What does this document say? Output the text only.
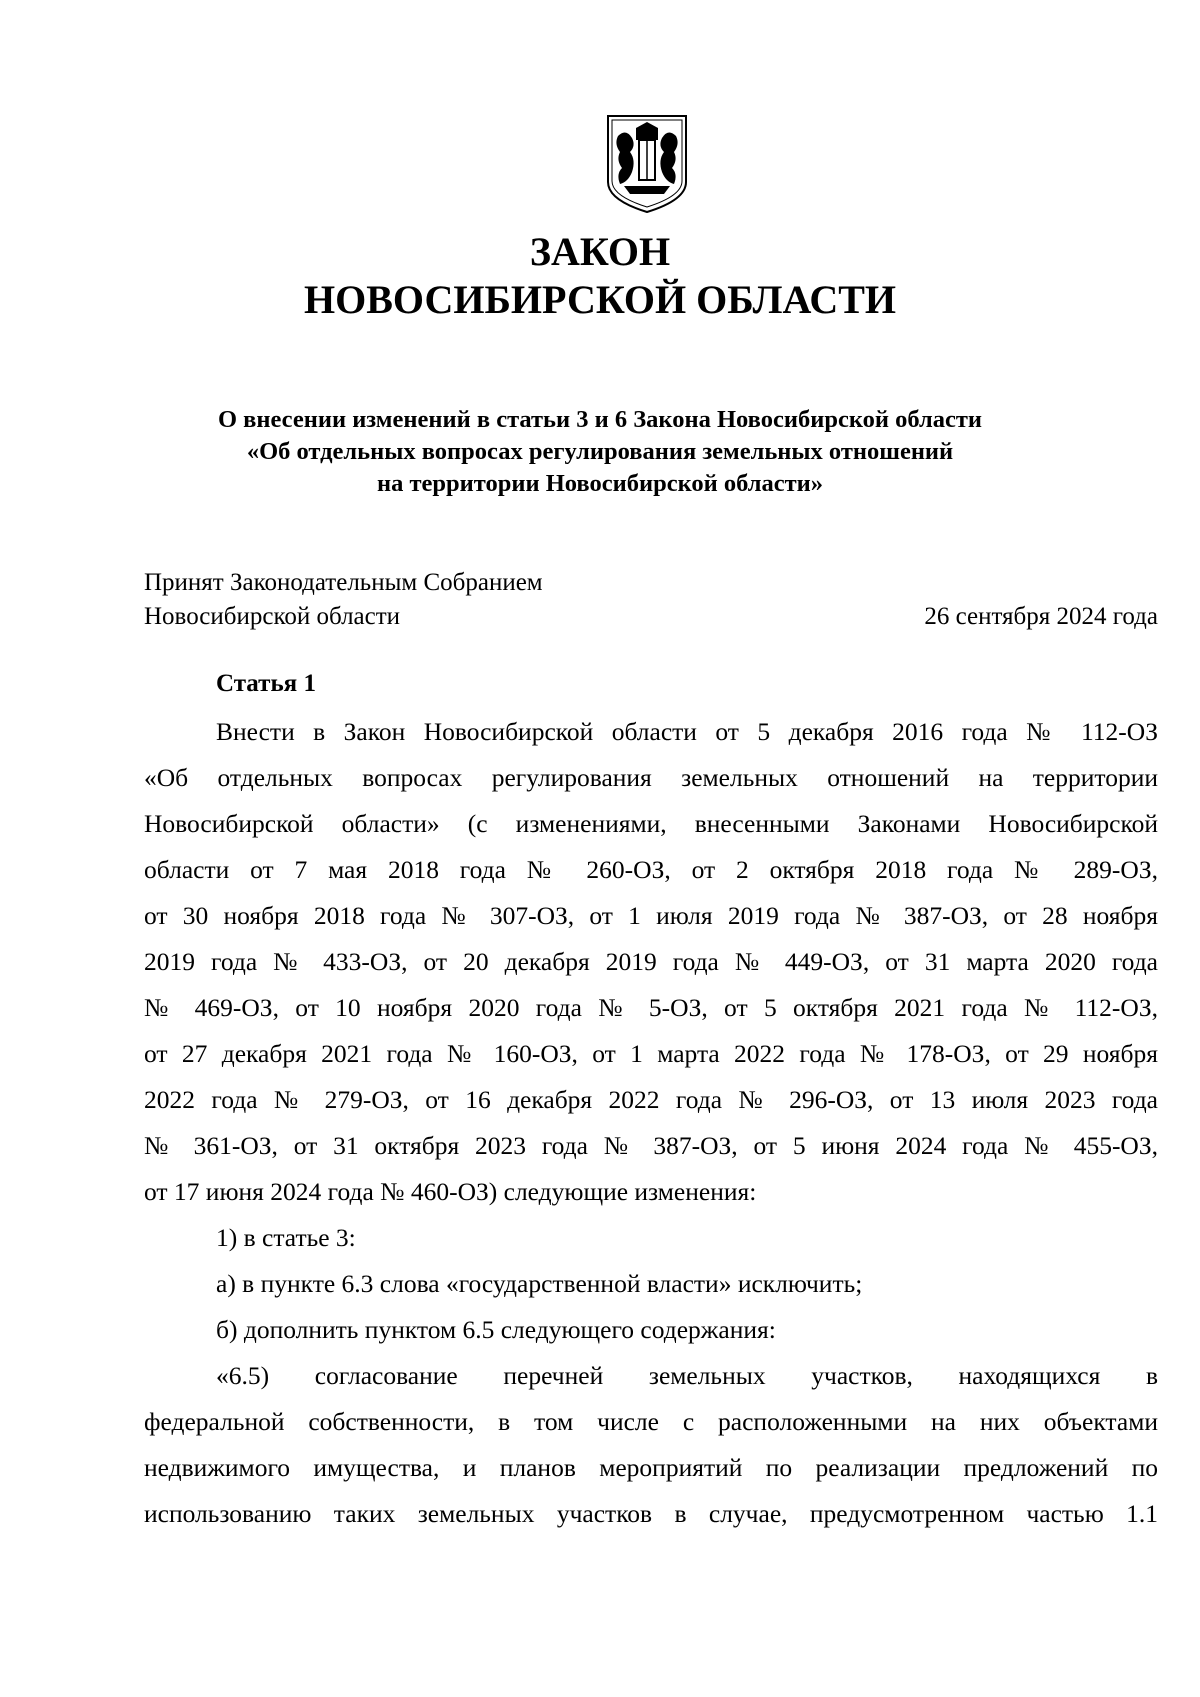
ЗАКОН
НОВОСИБИРСКОЙ ОБЛАСТИ
О внесении изменений в статьи 3 и 6 Закона Новосибирской области
«Об отдельных вопросах регулирования земельных отношений
на территории Новосибирской области»
Принят Законодательным Собранием
Новосибирской области	26 сентября 2024 года
Статья 1
Внести в Закон Новосибирской области от 5 декабря 2016 года № 112-ОЗ
«Об отдельных вопросах регулирования земельных отношений на территории
Новосибирской области» (с изменениями, внесенными Законами Новосибирской
области от 7 мая 2018 года № 260-ОЗ, от 2 октября 2018 года № 289-ОЗ,
от 30 ноября 2018 года № 307-ОЗ, от 1 июля 2019 года № 387-ОЗ, от 28 ноября
2019 года № 433-ОЗ, от 20 декабря 2019 года № 449-ОЗ, от 31 марта 2020 года
№ 469-ОЗ, от 10 ноября 2020 года № 5-ОЗ, от 5 октября 2021 года № 112-ОЗ,
от 27 декабря 2021 года № 160-ОЗ, от 1 марта 2022 года № 178-ОЗ, от 29 ноября
2022 года № 279-ОЗ, от 16 декабря 2022 года № 296-ОЗ, от 13 июля 2023 года
№ 361-ОЗ, от 31 октября 2023 года № 387-ОЗ, от 5 июня 2024 года № 455-ОЗ,
от 17 июня 2024 года № 460-ОЗ) следующие изменения:
1) в статье 3:
а) в пункте 6.3 слова «государственной власти» исключить;
б) дополнить пунктом 6.5 следующего содержания:
«6.5) согласование перечней земельных участков, находящихся в
федеральной собственности, в том числе с расположенными на них объектами
недвижимого имущества, и планов мероприятий по реализации предложений по
использованию таких земельных участков в случае, предусмотренном частью 1.1
